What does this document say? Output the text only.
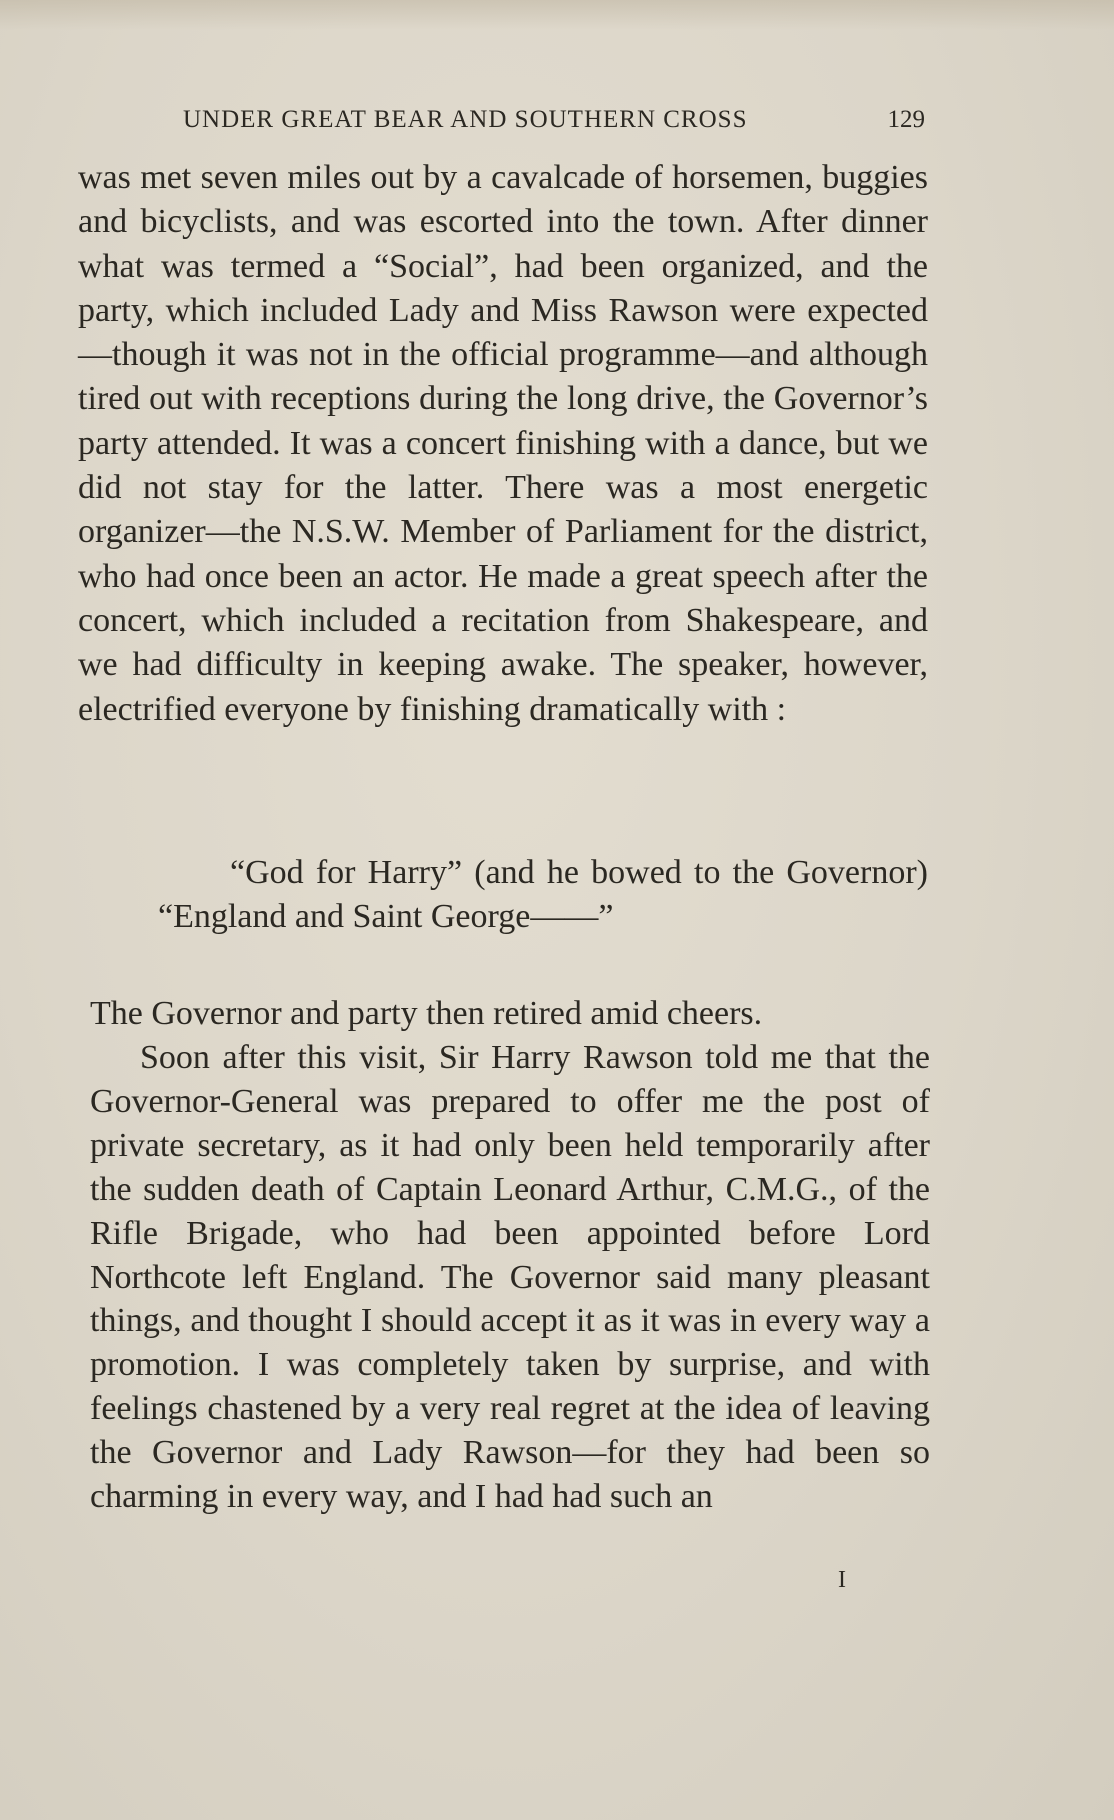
UNDER GREAT BEAR AND SOUTHERN CROSS	129

was met seven miles out by a cavalcade of horsemen, buggies and bicyclists, and was escorted into the town. After dinner what was termed a “Social”, had been organized, and the party, which included Lady and Miss Rawson were expected—though it was not in the official programme—and although tired out with receptions during the long drive, the Governor’s party attended. It was a concert finishing with a dance, but we did not stay for the latter. There was a most energetic organizer—the N.S.W. Member of Parliament for the district, who had once been an actor. He made a great speech after the concert, which included a recitation from Shakespeare, and we had difficulty in keeping awake. The speaker, however, electrified everyone by finishing dramatically with :

“God for Harry” (and he bowed to the Governor) “England and Saint George——”

The Governor and party then retired amid cheers.

Soon after this visit, Sir Harry Rawson told me that the Governor-General was prepared to offer me the post of private secretary, as it had only been held temporarily after the sudden death of Captain Leonard Arthur, C.M.G., of the Rifle Brigade, who had been appointed before Lord Northcote left England. The Governor said many pleasant things, and thought I should accept it as it was in every way a promotion. I was completely taken by surprise, and with feelings chastened by a very real regret at the idea of leaving the Governor and Lady Rawson—for they had been so charming in every way, and I had had such an

I
